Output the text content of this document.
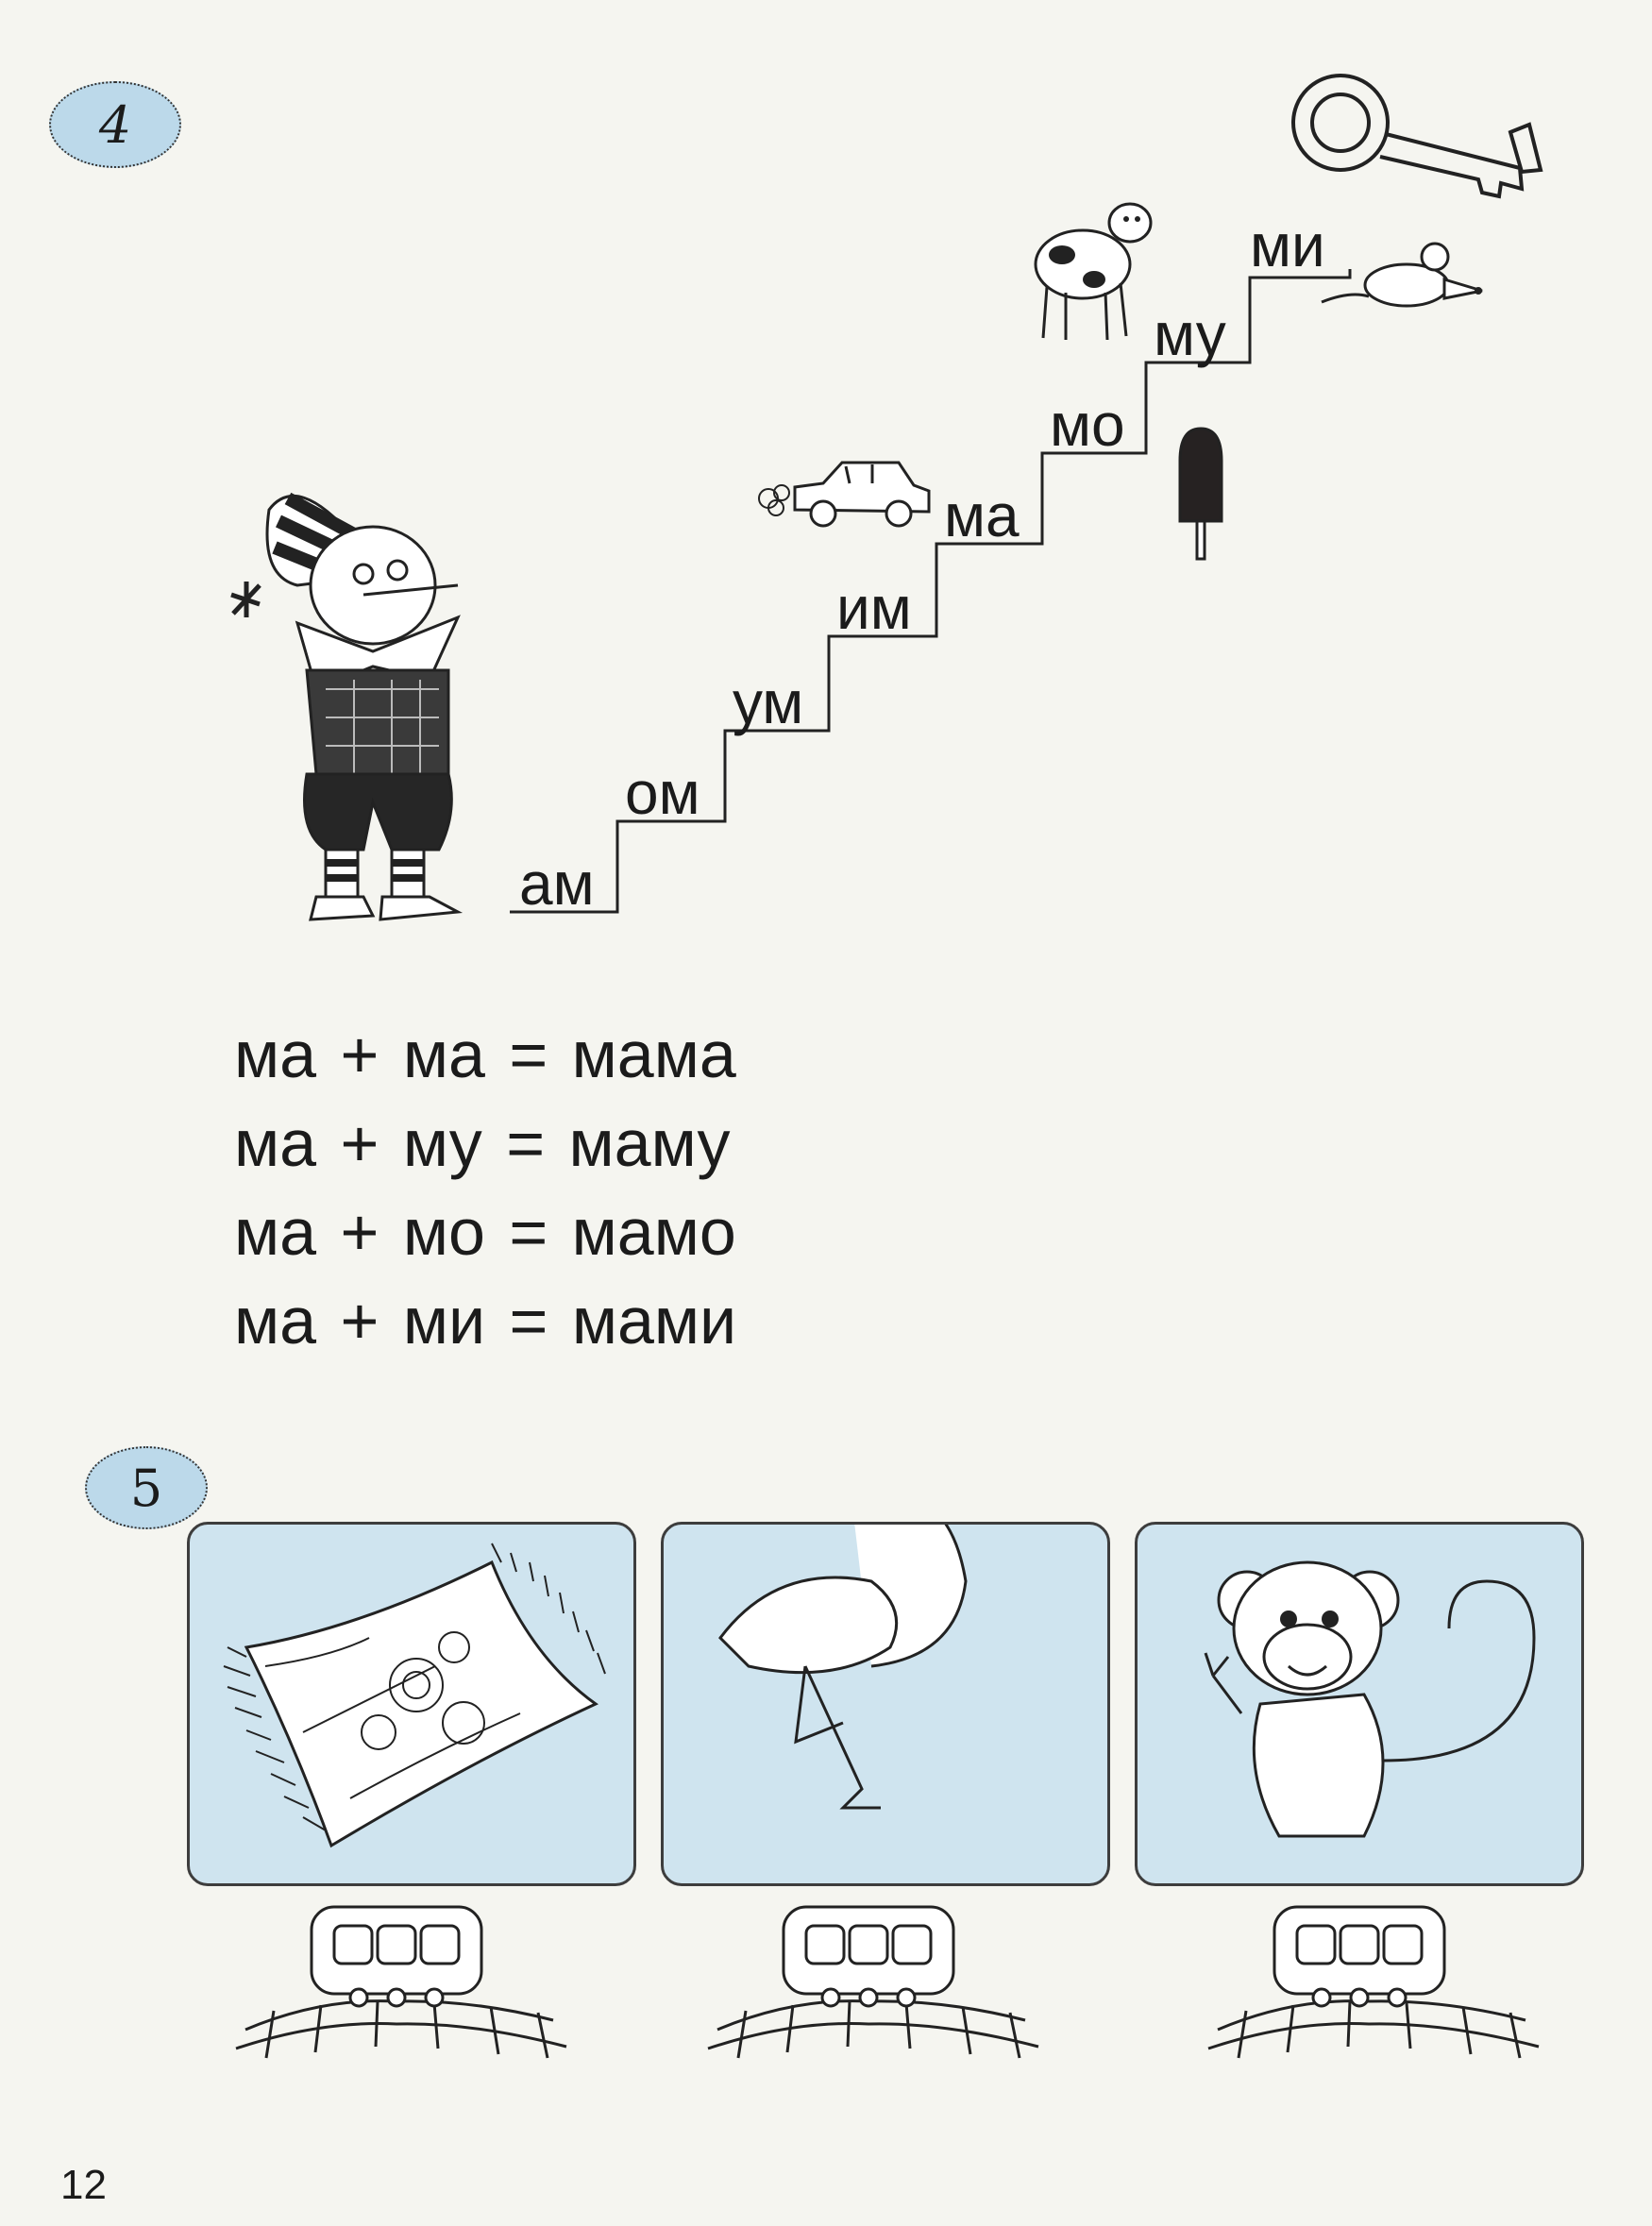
4
ам
ом
ум
им
ма
мо
му
ми
ма + ма = мама
ма + му = маму
ма + мо = мамо
ма + ми = мами
5
12
